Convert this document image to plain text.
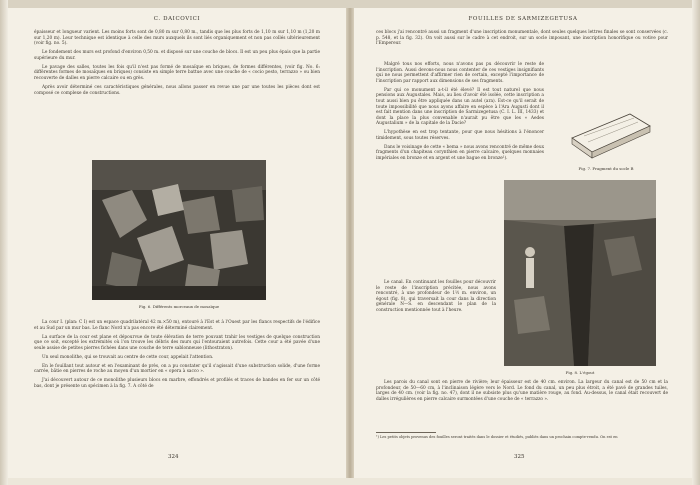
C. DAICOVICI

épaisseur et longueur varient. Les moins forts sont de 0,80 m sur 0,80 m., tandis que les plus forts de 1,10 m sur 1,10 m (1,20 m sur 1,20 m). Leur technique est identique à celle des murs auxquels ils sont liés organiquement et non pas collés ultérieurement (voir fig. no. 5).

Le fondement des murs est profond d'environ 0,50 m. et disposé sur une couche de blocs. Il est un peu plus épais que la partie supérieure du mur.

Le pavage des salles, toutes les fois qu'il n'est pas formé de mosaïque en briques, de formes différentes, (voir fig. No. 6: différentes formes de mosaïques en briques) consiste en simple terre battue avec une couche de « cocio pesto, terrazzo » ou bien recouverte de dalles en pierre calcaire ou en grès.

Après avoir déterminé ces caractéristiques générales, nous allons passer en revue une par une toutes les pièces dont est composé ce complexe de constructions.

Fig. 6. Différents morceaux de mosaïque

La cour I. (plan: C I) est un espace quadrilatéral 42 m.×50 m), entouré à l'Est et à l'Ouest par les flancs respectifs de l'édifice et au Sud par un mur bas. Le flanc Nord n'a pas encore été déterminé clairement.

La surface de la cour est plane et dépourvue de toute élévation de terre pouvant trahir les vestiges de quelque construction que ce soit, excepté les extrémités où l'on trouve les débris des murs qui l'entouraient autrefois. Cette cour a été pavée d'une seule assise de petites pierres fichées dans une couche de terre sablonneuse (lithostraton).

Un seul monolithe, qui se trouvait au centre de cette cour, appelait l'attention.

En le fouillant tout autour et en l'examinant de près, on a pu constater qu'il s'agissait d'une substruction solide, d'une forme carrée, bâtie en pierres de roche au moyen d'un mortier en « opera à sacco ».

J'ai découvert autour de ce monolithe plusieurs blocs en marbre, effondrés et profilés et traces de bandes en fer sur un côté bas, dont je présente un spécimen à la fig. 7. A côté de

324
FOUILLES DE SARMIZEGETUSA

ces blocs j'ai rencontré aussi un fragment d'une inscription monumentale, dont seules quelques lettres finales se sont conservées (c. p. 548, et la fig. 32). On voit aussi sur le cadre à cet endroit, sur un socle imposant, une inscription honorifique ou votive pour l'Empereur.

Malgré tous nos efforts, nous n'avons pas pu découvrir le reste de l'inscription. Aussi devons-nous nous contenter de ces vestiges insignifiants qui ne nous permettent d'affirmer rien de certain, excepté l'importance de l'inscription par rapport aux dimensions de ses fragments.

Par qui ce monument a-t-il été élevé? Il est tout naturel que nous pensions aux Augustales. Mais, au lieu d'avoir été isolée, cette inscription a tout aussi bien pu être appliquée dans un autel (ara). Est-ce qu'il serait de toute impossibilité que nous ayons affaire en espèce à l'Ara Augusti dont il est fait mention dans une inscription de Sarmizegetusa (C. I. L. III, 1433) et dont la place la plus convenable n'aurait pu être que les « Aedes Augustalium » de la capitale de la Dacie?

L'hypothèse en est trop tentante, pour que nous hésitions à l'énoncer timidement, sous toutes réserves.

Dans le voisinage de cette « bema » nous avons rencontré de même deux fragments d'un chapiteau corynthien en pierre calcaire, quelques monnaies impériales en bronze et en argent et une bague en bronze¹).

Fig. 7. Fragment du socle B

Le canal. En continuant les fouilles pour découvrir le reste de l'inscription précitée, nous avons rencontré, à une profondeur de 1½ m. environ, un égout (fig. 8), qui traversait la cour dans la direction générale N—S. en descendant le plan de la construction mentionnée tout à l'heure.

Fig. 8. L'égout

Les parois du canal sont en pierre de rivière; leur épaisseur est de 40 cm. environ. La largeur du canal est de 50 cm et la profondeur, de 50—60 cm, à l'inclinaison légère vers le Nord. Le fond du canal, un peu plus étroit, a été pavé de grandes tuiles, larges de 40 cm. (voir la fig. no. 47), dont il ne subsiste plus qu'une matière rouge, au fond. Au-dessus, le canal était recouvert de dalles irrégulières en pierre calcaire surmontées d'une couche de « terrazzo ».

¹) Les petits objets provenus des fouilles seront traités dans le dossier et étudiés, publiés dans un prochain compte-rendu. On est en
325
